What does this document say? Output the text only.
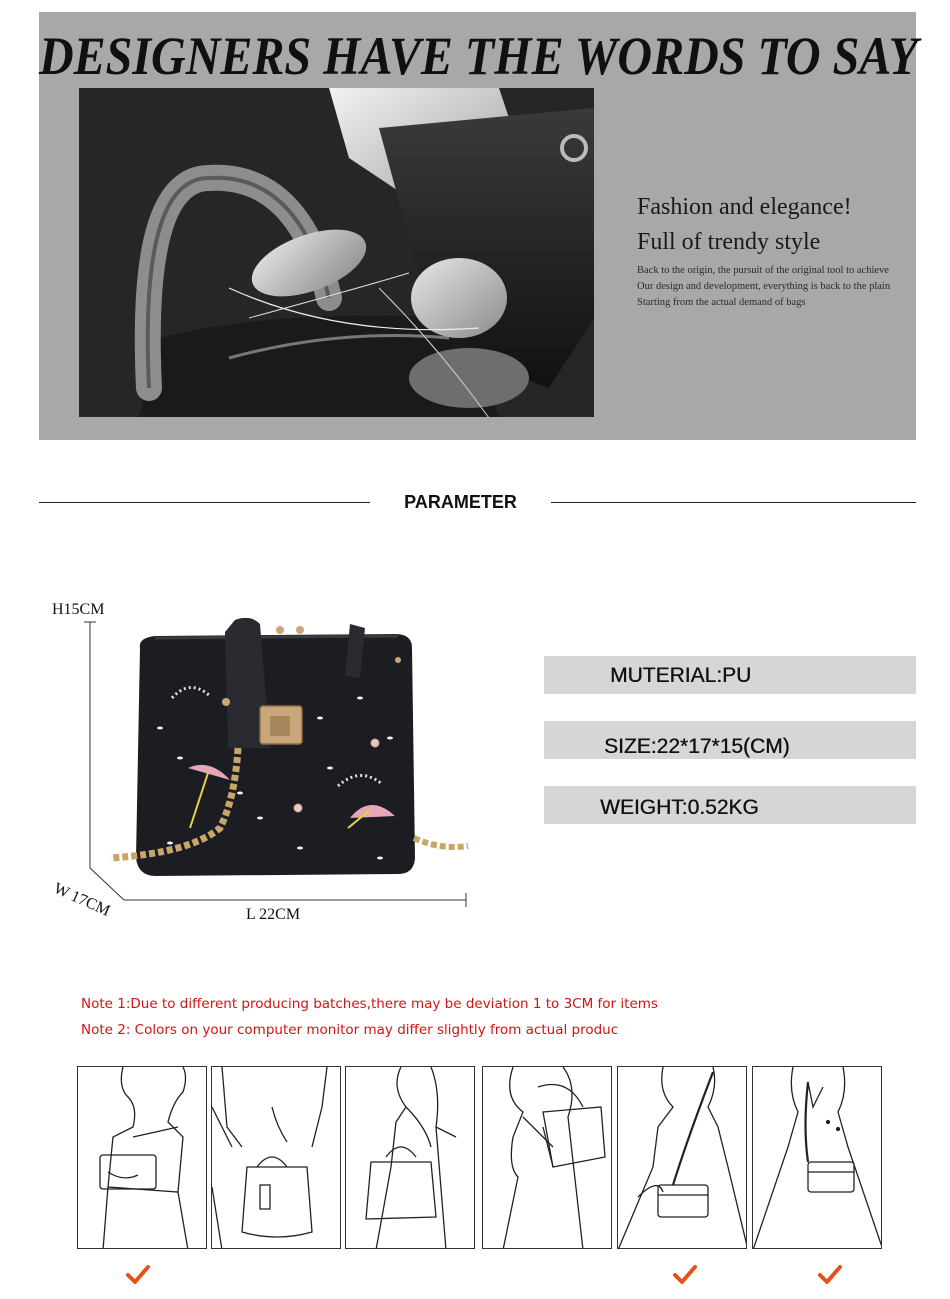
DESIGNERS HAVE THE WORDS TO SAY
Fashion and elegance!
Full of trendy style
Back to the origin, the pursuit of the original tool to achieve
Our design and development, everything is back to the plain
Starting from the actual demand of bags
PARAMETER
H15CM
W 17CM	L 22CM
MUTERIAL:PU
SIZE:22*17*15(CM)
WEIGHT:0.52KG
Note 1:Due to different producing batches,there may be deviation 1 to 3CM for items
Note 2: Colors on your computer monitor may differ slightly from actual produc
